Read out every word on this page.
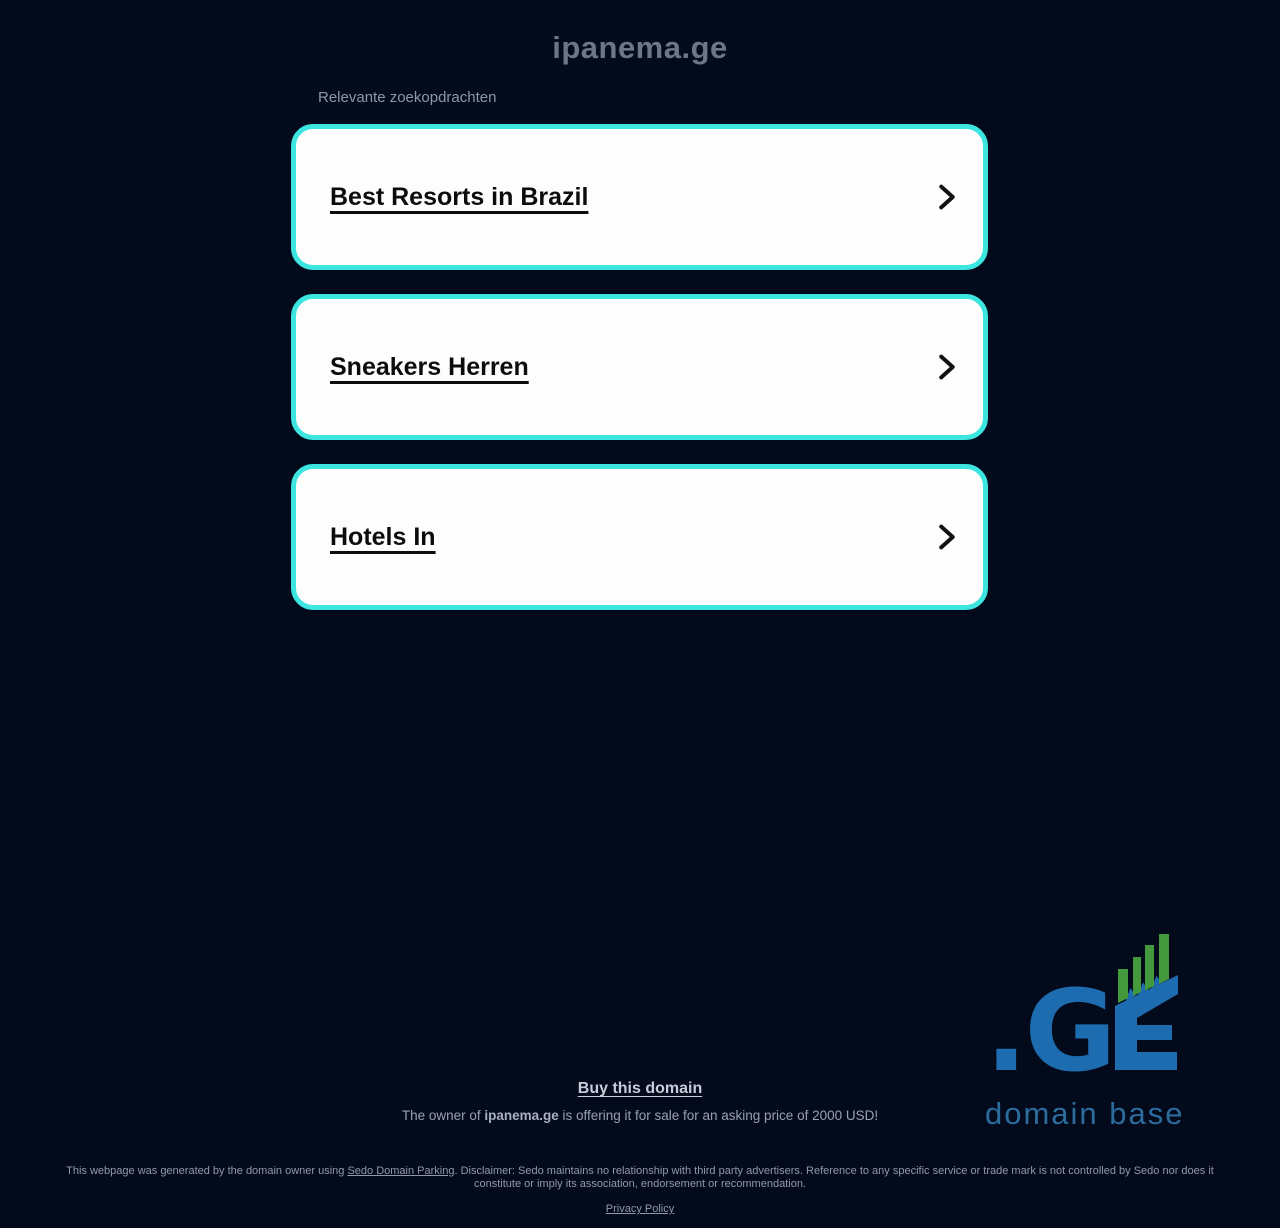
ipanema.ge
Relevante zoekopdrachten
Best Resorts in Brazil
Sneakers Herren
Hotels In
.G
domain base
Buy this domain
The owner of ipanema.ge is offering it for sale for an asking price of 2000 USD!
This webpage was generated by the domain owner using Sedo Domain Parking. Disclaimer: Sedo maintains no relationship with third party advertisers. Reference to any specific service or trade mark is not controlled by Sedo nor does it constitute or imply its association, endorsement or recommendation.
Privacy Policy
